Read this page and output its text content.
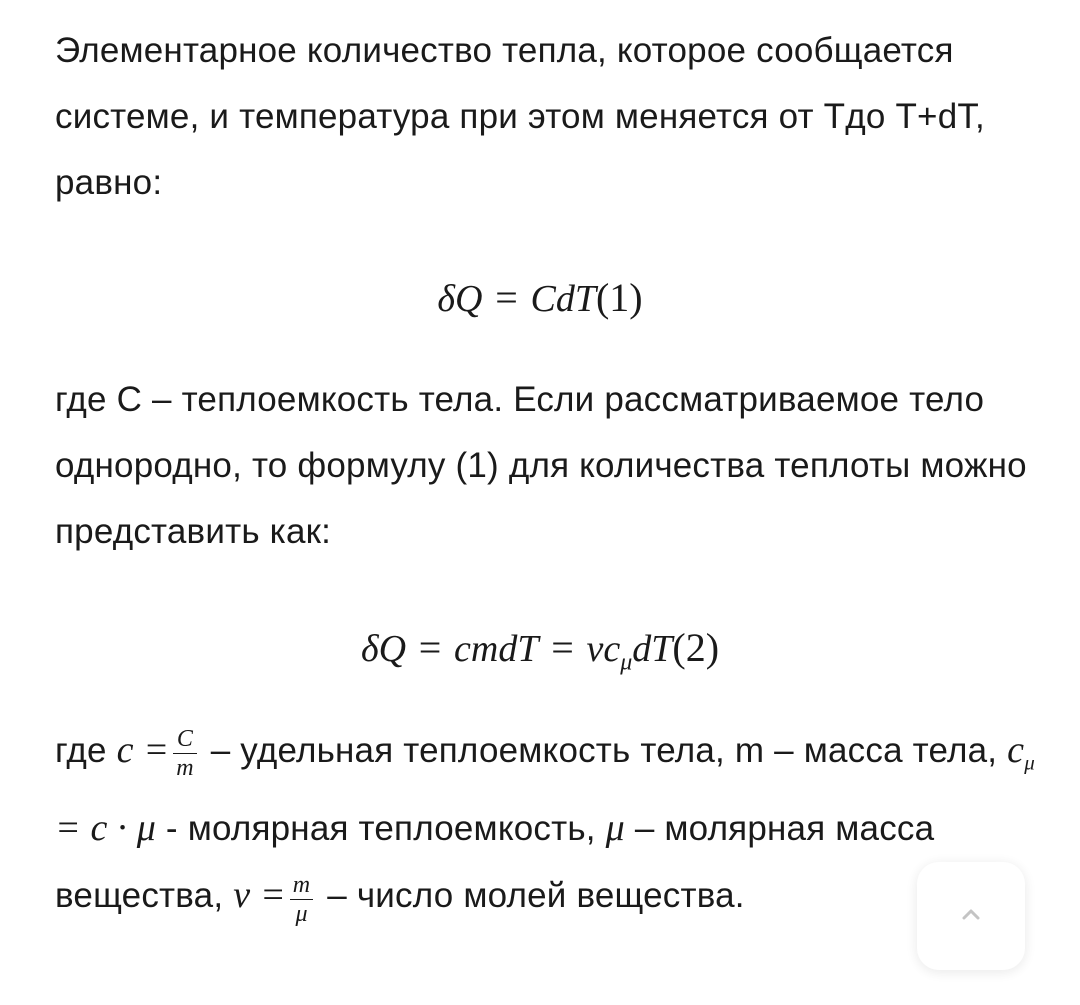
Элементарное количество тепла, которое сообщается системе, и температура при этом меняется от Тдо T+dT, равно:

δQ = CdT(1)

где C – теплоемкость тела. Если рассматриваемое тело однородно, то формулу (1) для количества теплоты можно представить как:

δQ = cmdT = $\nu c_\mu dT(2)$

где $c = \frac{C}{m}$ – удельная теплоемкость тела, m – масса тела, $c_\mu = c \cdot \mu$ - молярная теплоемкость, μ – молярная масса вещества, $\nu = \frac{m}{\mu}$ – число молей вещества.
